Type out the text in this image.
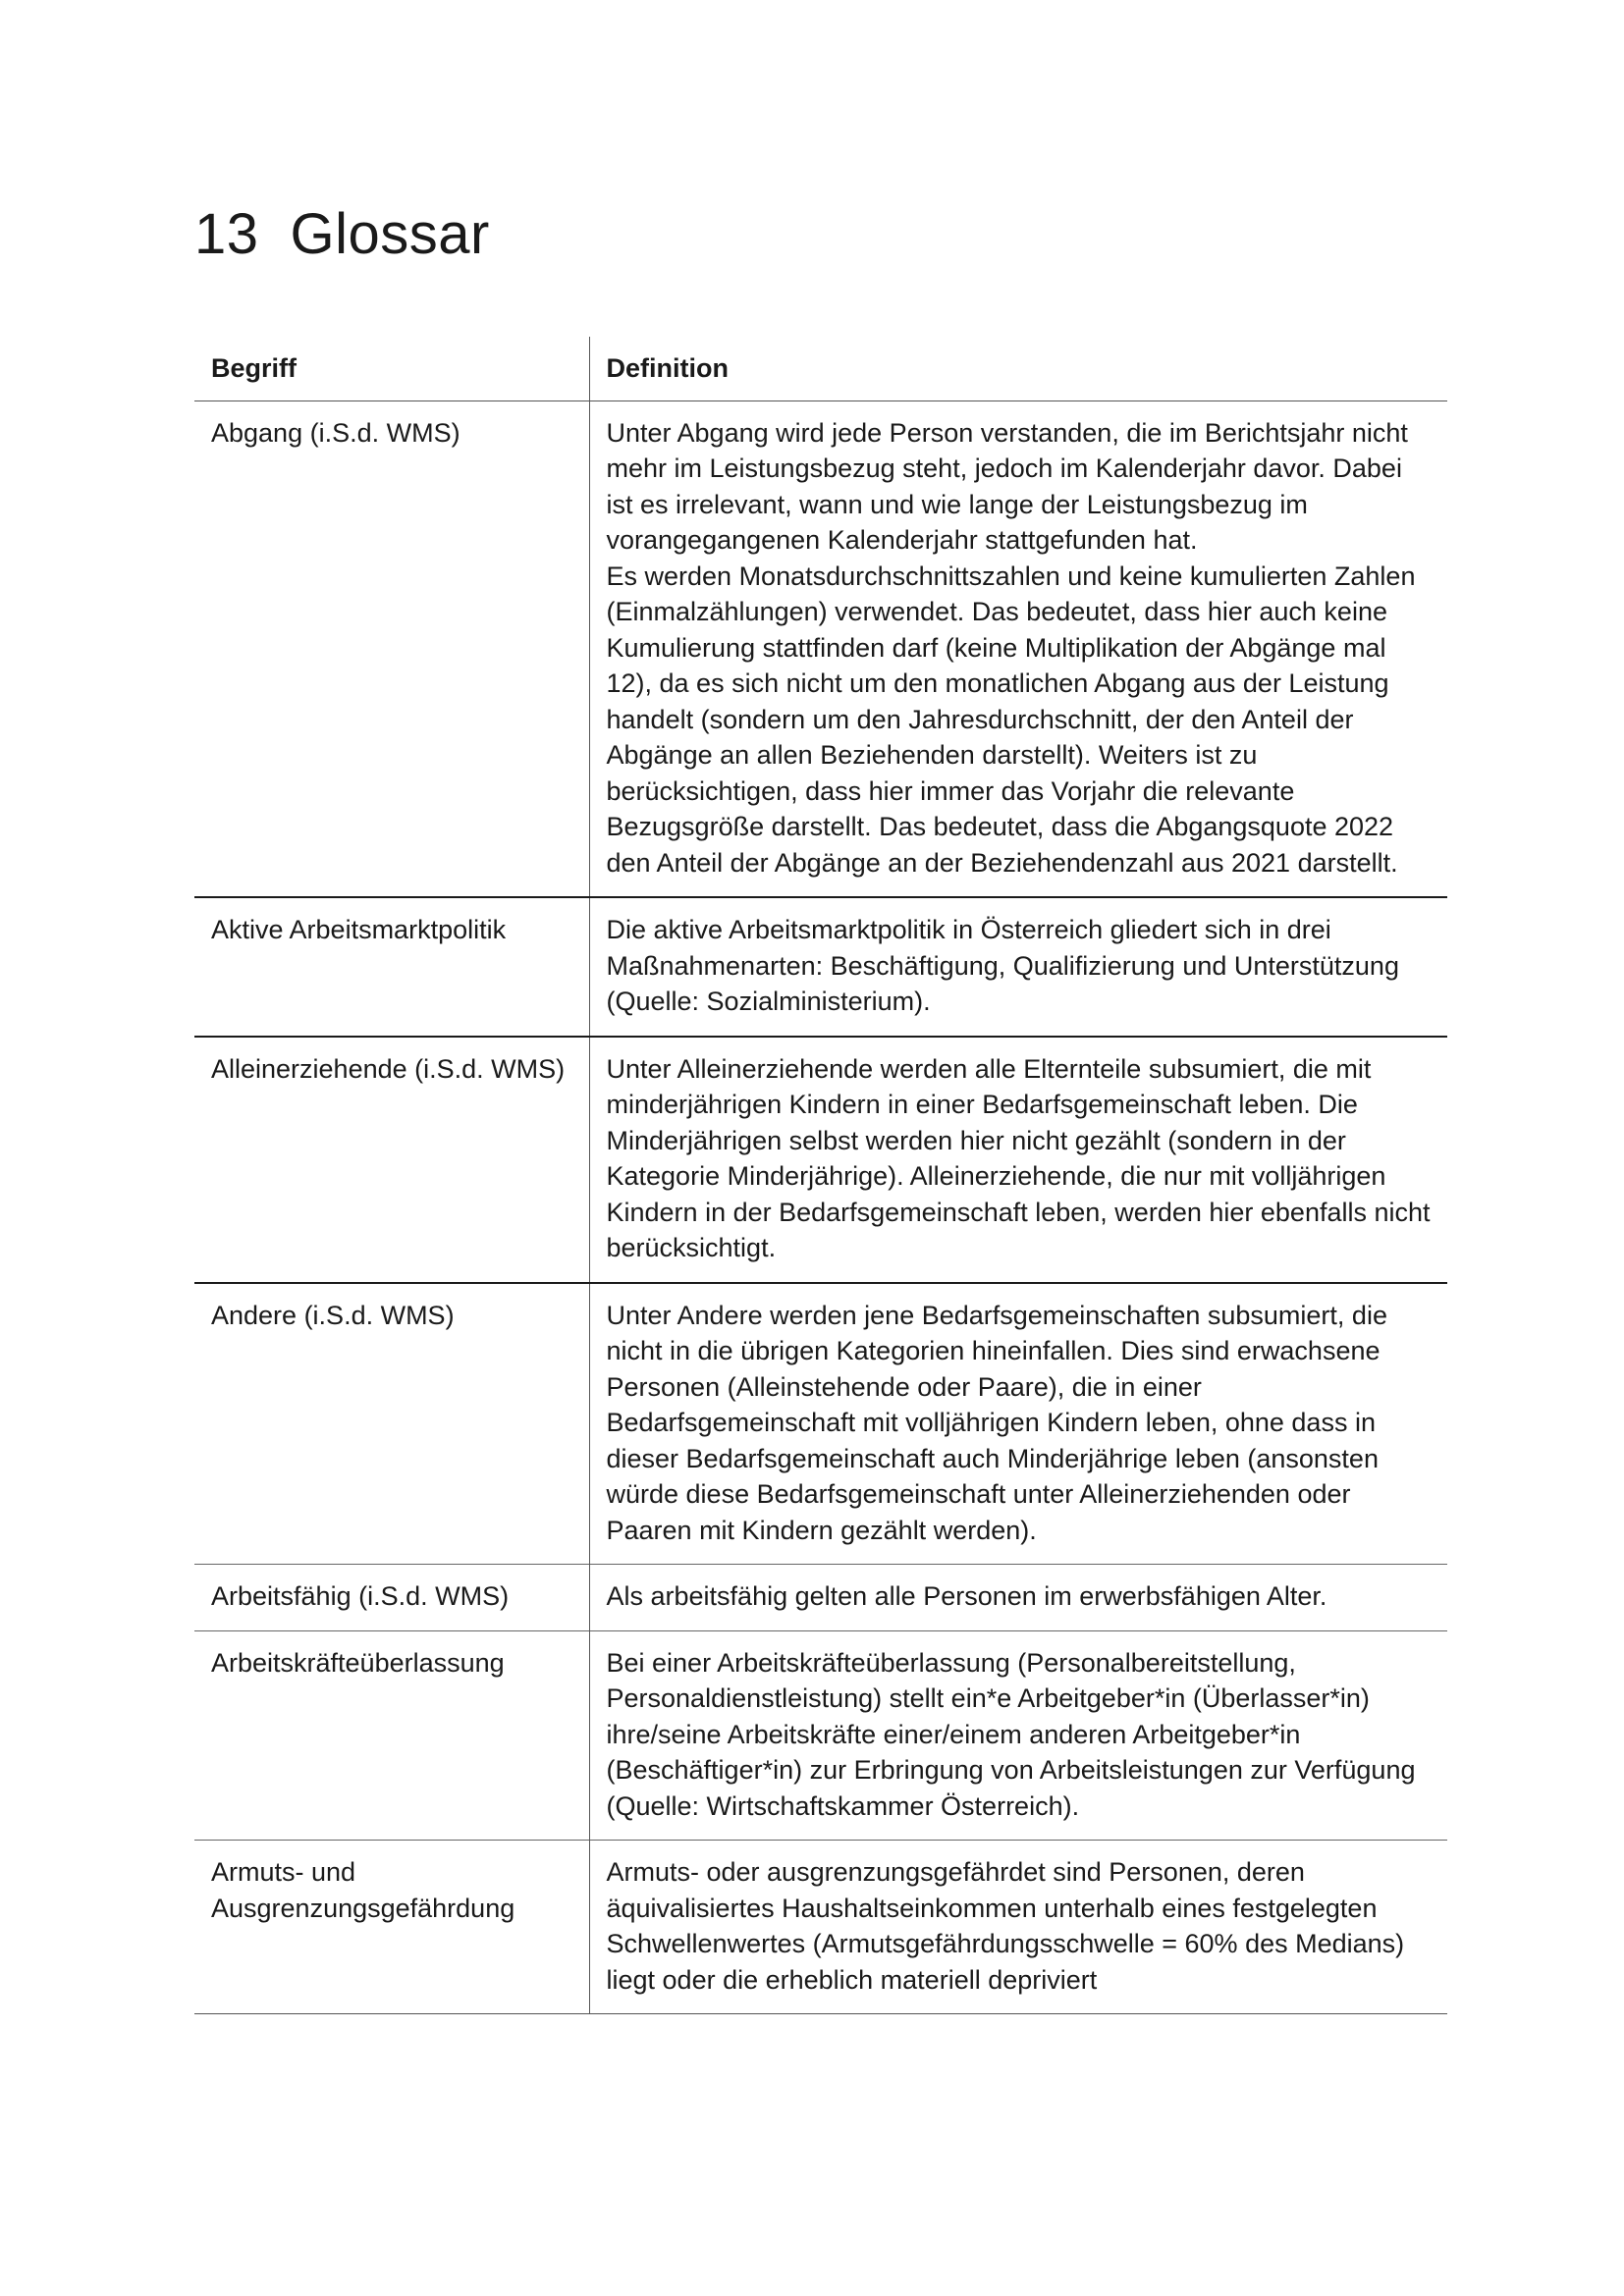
13 Glossar
Begriff	Definition
Abgang (i.S.d. WMS)	Unter Abgang wird jede Person verstanden, die im Berichtsjahr nicht mehr im Leistungsbezug steht, jedoch im Kalenderjahr davor. Dabei ist es irrelevant, wann und wie lange der Leistungsbezug im vorangegangenen Kalenderjahr stattgefunden hat.

Es werden Monatsdurchschnittszahlen und keine kumulierten Zahlen (Einmalzählungen) verwendet. Das bedeutet, dass hier auch keine Kumulierung stattfinden darf (keine Multiplikation der Abgänge mal 12), da es sich nicht um den monatlichen Abgang aus der Leistung handelt (sondern um den Jahresdurchschnitt, der den Anteil der Abgänge an allen Beziehenden darstellt). Weiters ist zu berücksichtigen, dass hier immer das Vorjahr die relevante Bezugsgröße darstellt. Das bedeutet, dass die Abgangsquote 2022 den Anteil der Abgänge an der Beziehendenzahl aus 2021 darstellt.

Aktive Arbeitsmarktpolitik	Die aktive Arbeitsmarktpolitik in Österreich gliedert sich in drei Maßnahmenarten: Beschäftigung, Qualifizierung und Unterstützung (Quelle: Sozialministerium).

Alleinerziehende (i.S.d. WMS)	Unter Alleinerziehende werden alle Elternteile subsumiert, die mit minderjährigen Kindern in einer Bedarfsgemeinschaft leben. Die Minderjährigen selbst werden hier nicht gezählt (sondern in der Kategorie Minderjährige). Alleinerziehende, die nur mit volljährigen Kindern in der Bedarfsgemeinschaft leben, werden hier ebenfalls nicht berücksichtigt.

Andere (i.S.d. WMS)	Unter Andere werden jene Bedarfsgemeinschaften subsumiert, die nicht in die übrigen Kategorien hineinfallen. Dies sind erwachsene Personen (Alleinstehende oder Paare), die in einer Bedarfsgemeinschaft mit volljährigen Kindern leben, ohne dass in dieser Bedarfsgemeinschaft auch Minderjährige leben (ansonsten würde diese Bedarfsgemeinschaft unter Alleinerziehenden oder Paaren mit Kindern gezählt werden).

Arbeitsfähig (i.S.d. WMS)	Als arbeitsfähig gelten alle Personen im erwerbsfähigen Alter.

Arbeitskräfteüberlassung	Bei einer Arbeitskräfteüberlassung (Personalbereitstellung, Personaldienstleistung) stellt ein*e Arbeitgeber*in (Überlasser*in) ihre/seine Arbeitskräfte einer/einem anderen Arbeitgeber*in (Beschäftiger*in) zur Erbringung von Arbeitsleistungen zur Verfügung (Quelle: Wirtschaftskammer Österreich).

Armuts- und Ausgrenzungsgefährdung	Armuts- oder ausgrenzungsgefährdet sind Personen, deren äquivalisiertes Haushaltseinkommen unterhalb eines festgelegten Schwellenwertes (Armutsgefährdungsschwelle = 60% des Medians) liegt oder die erheblich materiell depriviert
